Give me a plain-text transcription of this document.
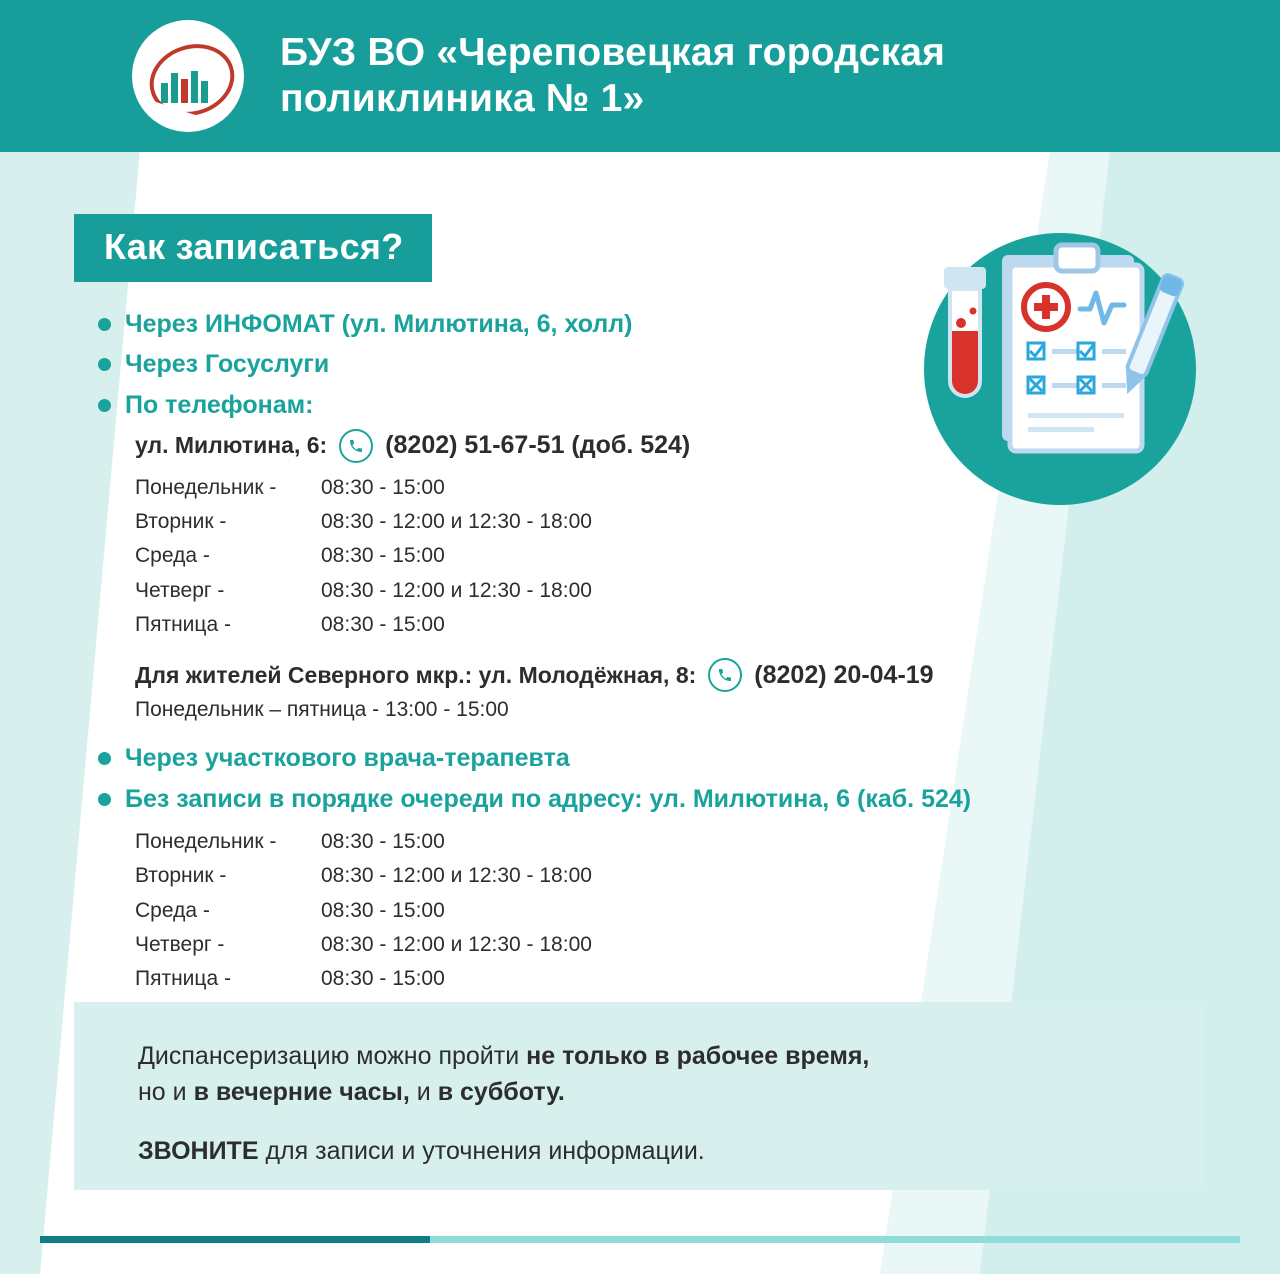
БУЗ ВО «Череповецкая городская поликлиника № 1»
Как записаться?
Через ИНФОМАТ (ул. Милютина, 6, холл)
Через Госуслуги
По телефонам:
ул. Милютина, 6: (8202) 51-67-51 (доб. 524)
Понедельник -	08:30 - 15:00
Вторник -	08:30 - 12:00 и 12:30 - 18:00
Среда -	08:30 - 15:00
Четверг -	08:30 - 12:00 и 12:30 - 18:00
Пятница -	08:30 - 15:00
Для жителей Северного мкр.: ул. Молодёжная, 8: (8202) 20-04-19
Понедельник – пятница - 13:00 - 15:00
Через участкового врача-терапевта
Без записи в порядке очереди по адресу: ул. Милютина, 6 (каб. 524)
Понедельник -	08:30 - 15:00
Вторник -	08:30 - 12:00 и 12:30 - 18:00
Среда -	08:30 - 15:00
Четверг -	08:30 - 12:00 и 12:30 - 18:00
Пятница -	08:30 - 15:00
Диспансеризацию можно пройти не только в рабочее время,
но и в вечерние часы, и в субботу.
ЗВОНИТЕ для записи и уточнения информации.
